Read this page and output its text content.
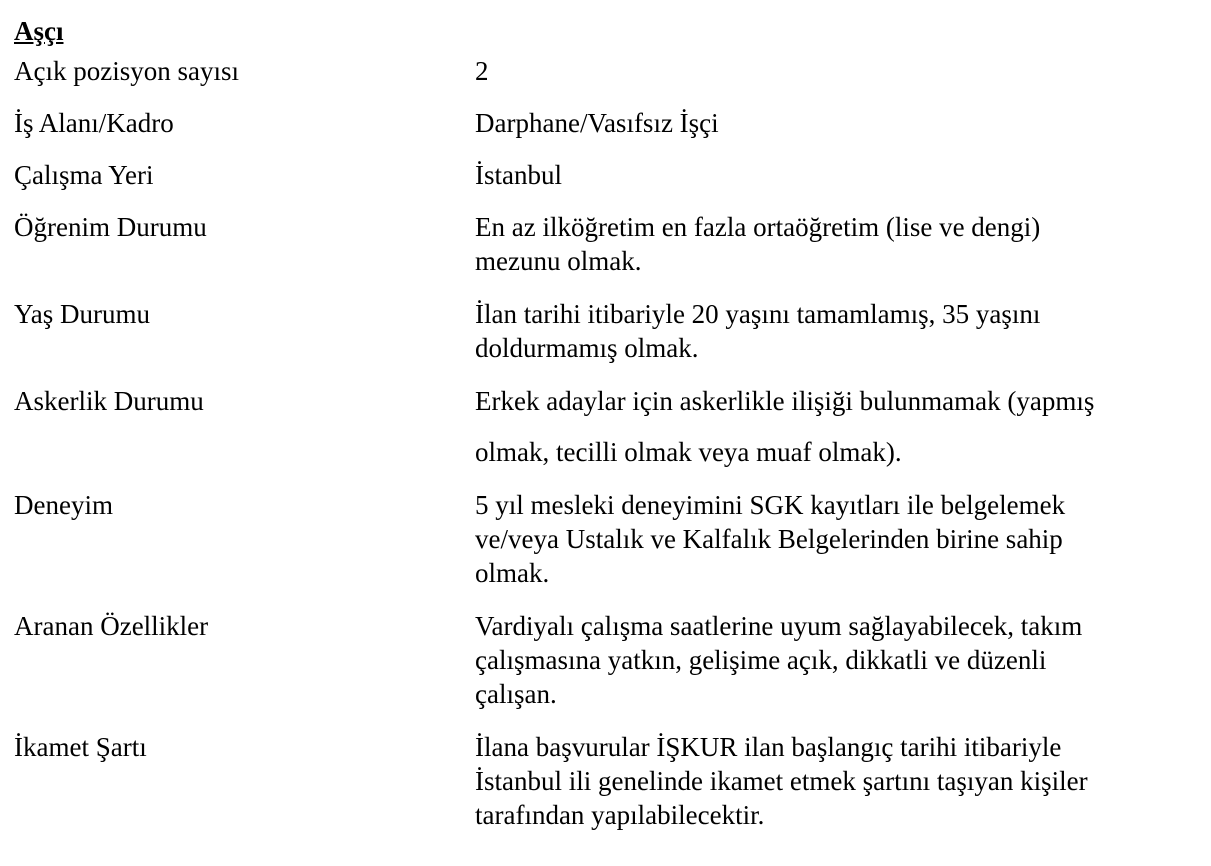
Aşçı
Açık pozisyon sayısı	2
İş Alanı/Kadro	Darphane/Vasıfsız İşçi
Çalışma Yeri	İstanbul
Öğrenim Durumu	En az ilköğretim en fazla ortaöğretim (lise ve dengi)
mezunu olmak.
Yaş Durumu	İlan tarihi itibariyle 20 yaşını tamamlamış, 35 yaşını
doldurmamış olmak.
Askerlik Durumu	Erkek adaylar için askerlikle ilişiği bulunmamak (yapmış
olmak, tecilli olmak veya muaf olmak).
Deneyim	5 yıl mesleki deneyimini SGK kayıtları ile belgelemek
ve/veya Ustalık ve Kalfalık Belgelerinden birine sahip
olmak.
Aranan Özellikler	Vardiyalı çalışma saatlerine uyum sağlayabilecek, takım
çalışmasına yatkın, gelişime açık, dikkatli ve düzenli
çalışan.
İkamet Şartı	İlana başvurular İŞKUR ilan başlangıç tarihi itibariyle
İstanbul ili genelinde ikamet etmek şartını taşıyan kişiler
tarafından yapılabilecektir.
